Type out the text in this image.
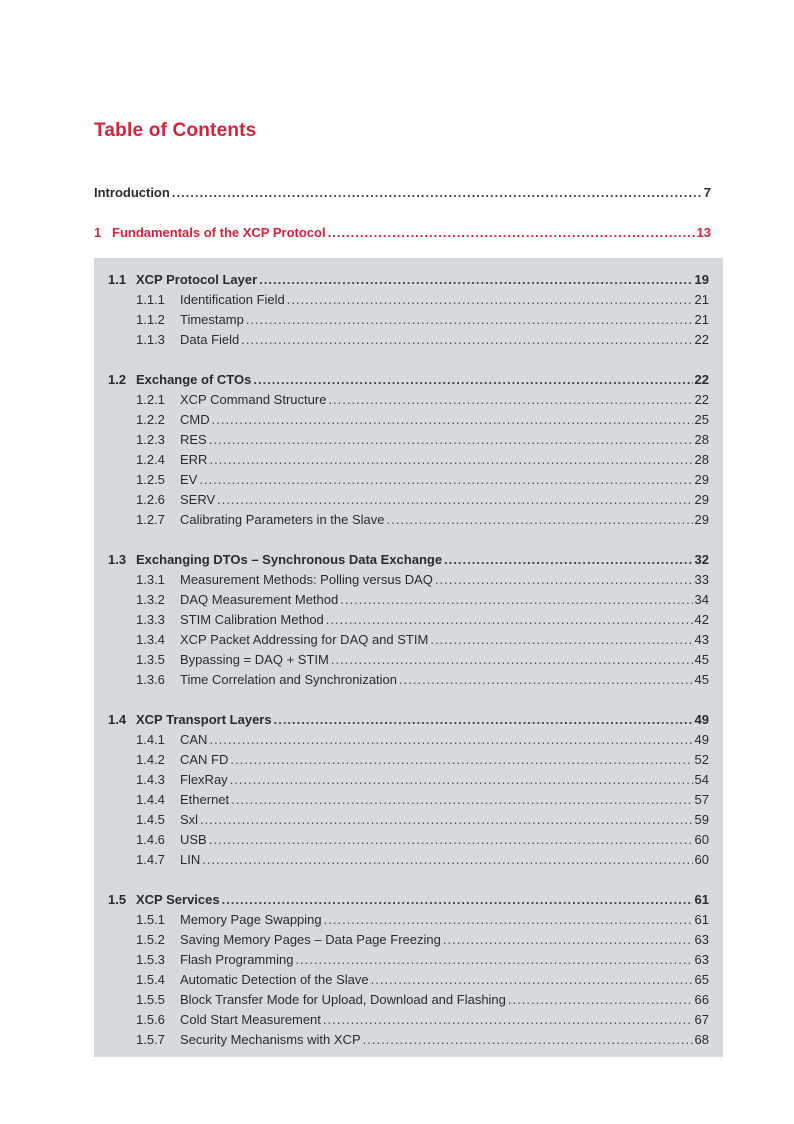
Table of Contents
Introduction .....	7
1 Fundamentals of the XCP Protocol .....	13
1.1 XCP Protocol Layer .....	19
1.1.1	Identification Field .....	21
1.1.2	Timestamp .....	21
1.1.3	Data Field .....	22
1.2 Exchange of CTOs .....	22
1.2.1	XCP Command Structure .....	22
1.2.2	CMD .....	25
1.2.3	RES .....	28
1.2.4	ERR .....	28
1.2.5	EV .....	29
1.2.6	SERV .....	29
1.2.7	Calibrating Parameters in the Slave .....	29
1.3 Exchanging DTOs – Synchronous Data Exchange .....	32
1.3.1	Measurement Methods: Polling versus DAQ .....	33
1.3.2	DAQ Measurement Method .....	34
1.3.3	STIM Calibration Method .....	42
1.3.4	XCP Packet Addressing for DAQ and STIM .....	43
1.3.5	Bypassing = DAQ + STIM .....	45
1.3.6	Time Correlation and Synchronization .....	45
1.4 XCP Transport Layers .....	49
1.4.1	CAN .....	49
1.4.2	CAN FD .....	52
1.4.3	FlexRay .....	54
1.4.4	Ethernet .....	57
1.4.5	Sxl .....	59
1.4.6	USB .....	60
1.4.7	LIN .....	60
1.5 XCP Services .....	61
1.5.1	Memory Page Swapping .....	61
1.5.2	Saving Memory Pages – Data Page Freezing .....	63
1.5.3	Flash Programming .....	63
1.5.4	Automatic Detection of the Slave .....	65
1.5.5	Block Transfer Mode for Upload, Download and Flashing .....	66
1.5.6	Cold Start Measurement .....	67
1.5.7	Security Mechanisms with XCP .....	68
